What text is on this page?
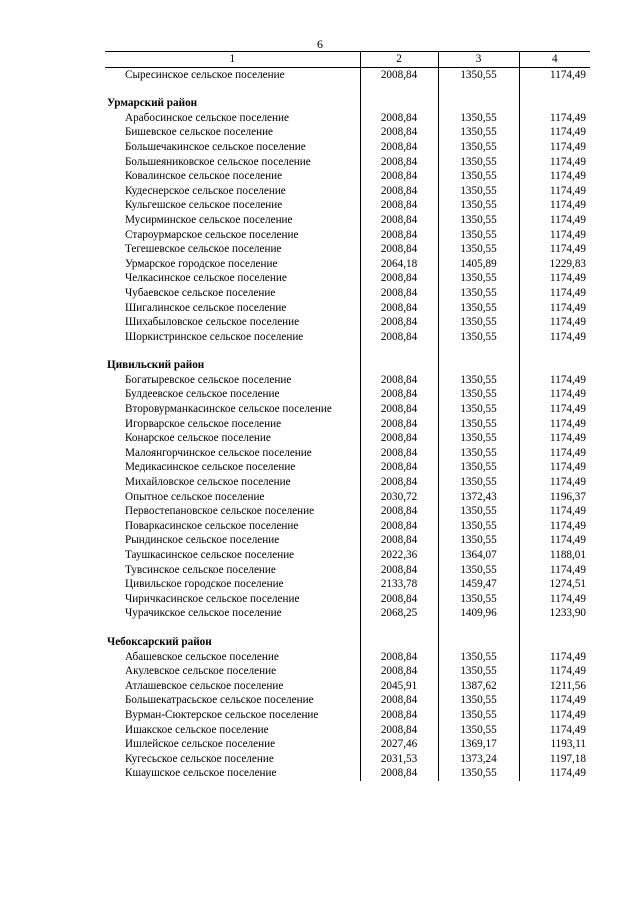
6
1	2	3	4
Сыресинское сельское поселение	2008,84	1350,55	1174,49

Урмарский район			
Арабосинское сельское поселение	2008,84	1350,55	1174,49
Бишевское сельское поселение	2008,84	1350,55	1174,49
Большечакинское сельское поселение	2008,84	1350,55	1174,49
Большеяниковское сельское поселение	2008,84	1350,55	1174,49
Ковалинское сельское поселение	2008,84	1350,55	1174,49
Кудеснерское сельское поселение	2008,84	1350,55	1174,49
Кульгешское сельское поселение	2008,84	1350,55	1174,49
Мусирминское сельское поселение	2008,84	1350,55	1174,49
Староурмарское сельское поселение	2008,84	1350,55	1174,49
Тегешевское сельское поселение	2008,84	1350,55	1174,49
Урмарское городское поселение	2064,18	1405,89	1229,83
Челкасинское сельское поселение	2008,84	1350,55	1174,49
Чубаевское сельское поселение	2008,84	1350,55	1174,49
Шигалинское сельское поселение	2008,84	1350,55	1174,49
Шихабыловское сельское поселение	2008,84	1350,55	1174,49
Шоркистринское сельское поселение	2008,84	1350,55	1174,49

Цивильский район			
Богатыревское сельское поселение	2008,84	1350,55	1174,49
Булдеевское сельское поселение	2008,84	1350,55	1174,49
Второвурманкасинское сельское поселение	2008,84	1350,55	1174,49
Игорварское сельское поселение	2008,84	1350,55	1174,49
Конарское сельское поселение	2008,84	1350,55	1174,49
Малоянгорчинское сельское поселение	2008,84	1350,55	1174,49
Медикасинское сельское поселение	2008,84	1350,55	1174,49
Михайловское сельское поселение	2008,84	1350,55	1174,49
Опытное сельское поселение	2030,72	1372,43	1196,37
Первостепановское сельское поселение	2008,84	1350,55	1174,49
Поваркасинское сельское поселение	2008,84	1350,55	1174,49
Рындинское сельское поселение	2008,84	1350,55	1174,49
Таушкасинское сельское поселение	2022,36	1364,07	1188,01
Тувсинское сельское поселение	2008,84	1350,55	1174,49
Цивильское городское поселение	2133,78	1459,47	1274,51
Чиричкасинское сельское поселение	2008,84	1350,55	1174,49
Чурачикское сельское поселение	2068,25	1409,96	1233,90

Чебоксарский район			
Абашевское сельское поселение	2008,84	1350,55	1174,49
Акулевское сельское поселение	2008,84	1350,55	1174,49
Атлашевское сельское поселение	2045,91	1387,62	1211,56
Большекатрасьское сельское поселение	2008,84	1350,55	1174,49
Вурман-Сюктерское сельское поселение	2008,84	1350,55	1174,49
Ишакское сельское поселение	2008,84	1350,55	1174,49
Ишлейское сельское поселение	2027,46	1369,17	1193,11
Кугесьское сельское поселение	2031,53	1373,24	1197,18
Кшаушское сельское поселение	2008,84	1350,55	1174,49
